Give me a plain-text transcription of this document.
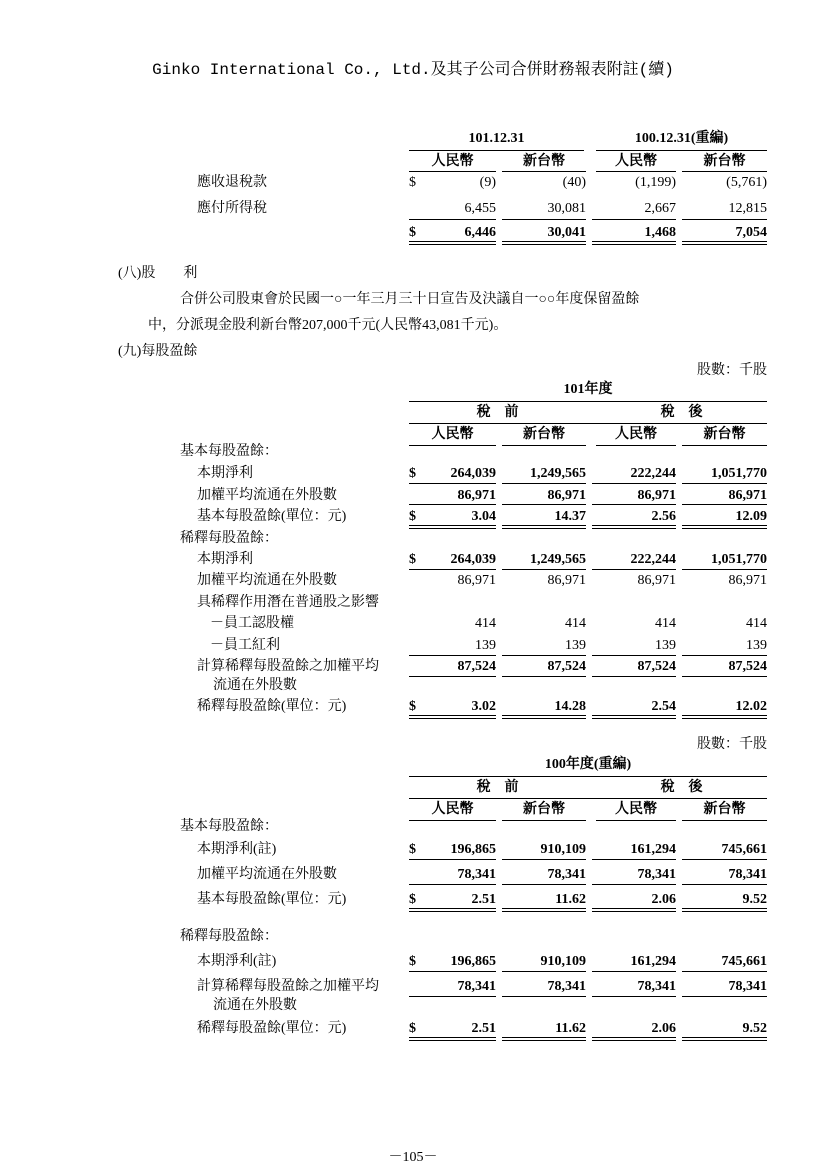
Ginko International Co., Ltd.及其子公司合併財務報表附註(續)
101.12.31	100.12.31(重編)
人民幣	新台幣	人民幣	新台幣
應收退稅款	$	(9)	(40)	(1,199)	(5,761)
應付所得稅	6,455	30,081	2,667	12,815
$	6,446	30,041	1,468	7,054
(八)股　　利
合併公司股東會於民國一○一年三月三十日宣告及決議自一○○年度保留盈餘
中，分派現金股利新台幣207,000千元(人民幣43,081千元)。
(九)每股盈餘
股數：千股
101年度
稅　前	稅　後
人民幣	新台幣	人民幣	新台幣
基本每股盈餘：
本期淨利	$	264,039	1,249,565	222,244	1,051,770
加權平均流通在外股數	86,971	86,971	86,971	86,971
基本每股盈餘(單位：元)	$	3.04	14.37	2.56	12.09
稀釋每股盈餘：
本期淨利	$	264,039	1,249,565	222,244	1,051,770
加權平均流通在外股數	86,971	86,971	86,971	86,971
具稀釋作用潛在普通股之影響
－員工認股權	414	414	414	414
－員工紅利	139	139	139	139
計算稀釋每股盈餘之加權平均
流通在外股數
87,524	87,524	87,524	87,524
稀釋每股盈餘(單位：元)	$	3.02	14.28	2.54	12.02
股數：千股
100年度(重編)
稅　前	稅　後
人民幣	新台幣	人民幣	新台幣
基本每股盈餘：
本期淨利(註)	$	196,865	910,109	161,294	745,661
加權平均流通在外股數	78,341	78,341	78,341	78,341
基本每股盈餘(單位：元)	$	2.51	11.62	2.06	9.52
稀釋每股盈餘：
本期淨利(註)	$	196,865	910,109	161,294	745,661
計算稀釋每股盈餘之加權平均
流通在外股數
78,341	78,341	78,341	78,341
稀釋每股盈餘(單位：元)	$	2.51	11.62	2.06	9.52
－105－
